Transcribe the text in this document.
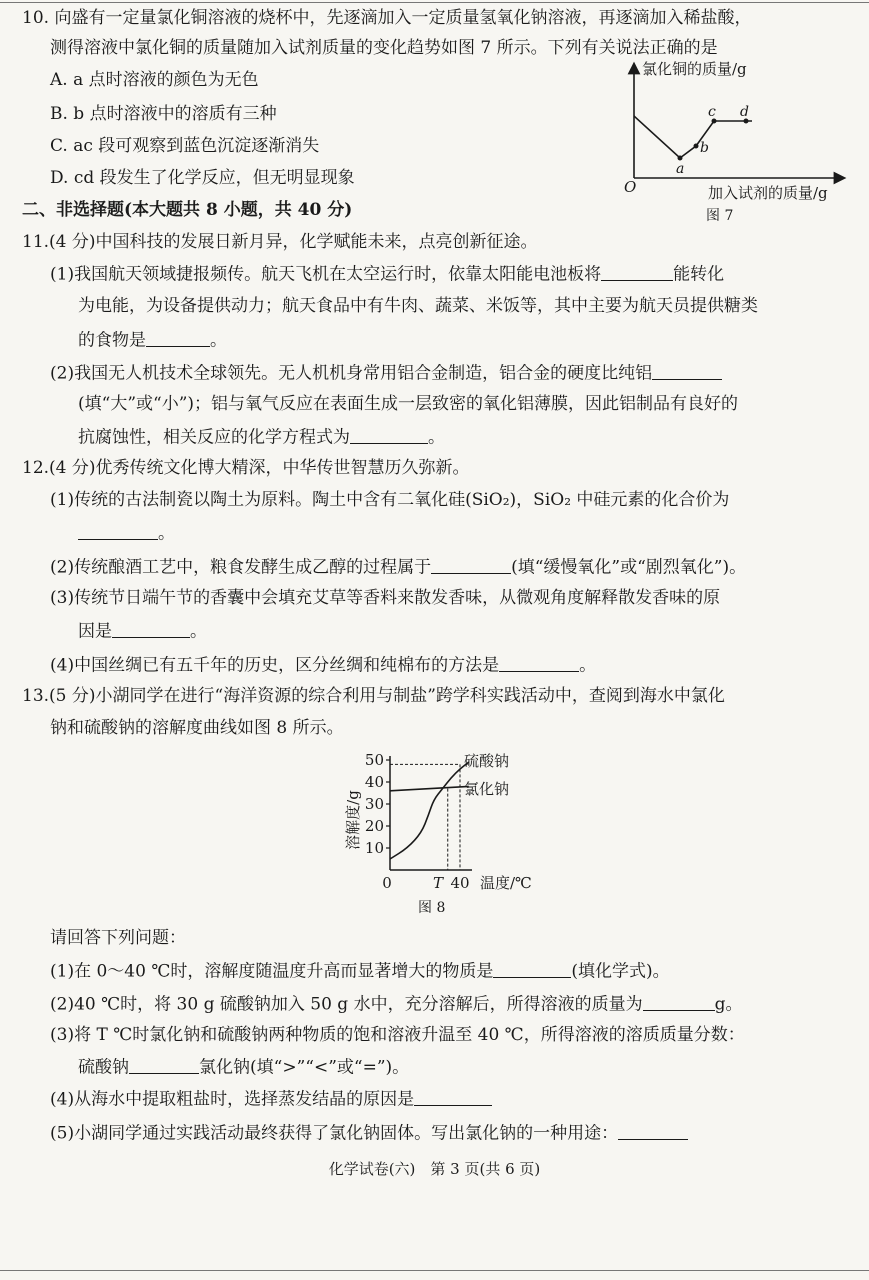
10. 向盛有一定量氯化铜溶液的烧杯中，先逐滴加入一定质量氢氧化钠溶液，再逐滴加入稀盐酸，
测得溶液中氯化铜的质量随加入试剂质量的变化趋势如图 7 所示。下列有关说法正确的是
A. a 点时溶液的颜色为无色
B. b 点时溶液中的溶质有三种
C. ac 段可观察到蓝色沉淀逐渐消失
D. cd 段发生了化学反应，但无明显现象
氯化铜的质量/g
O
a
b
c d
加入试剂的质量/g
图 7
二、非选择题(本大题共 8 小题，共 40 分)
11.(4 分)中国科技的发展日新月异，化学赋能未来，点亮创新征途。
(1)我国航天领域捷报频传。航天飞机在太空运行时，依靠太阳能电池板将	能转化
为电能，为设备提供动力；航天食品中有牛肉、蔬菜、米饭等，其中主要为航天员提供糖类
的食物是	。
(2)我国无人机技术全球领先。无人机机身常用铝合金制造，铝合金的硬度比纯铝
(填“大”或“小”)；铝与氧气反应在表面生成一层致密的氧化铝薄膜，因此铝制品有良好的
抗腐蚀性，相关反应的化学方程式为	。
12.(4 分)优秀传统文化博大精深，中华传世智慧历久弥新。
(1)传统的古法制瓷以陶土为原料。陶土中含有二氧化硅(SiO₂)，SiO₂ 中硅元素的化合价为
。
(2)传统酿酒工艺中，粮食发酵生成乙醇的过程属于	(填“缓慢氧化”或“剧烈氧化”)。
(3)传统节日端午节的香囊中会填充艾草等香料来散发香味，从微观角度解释散发香味的原
因是	。
(4)中国丝绸已有五千年的历史，区分丝绸和纯棉布的方法是	。
13.(5 分)小湖同学在进行“海洋资源的综合利用与制盐”跨学科实践活动中，查阅到海水中氯化
钠和硫酸钠的溶解度曲线如图 8 所示。
溶解度/g 10
20
30
40
50
0	T 40 温度/℃
硫酸钠
氯化钠
图 8
请回答下列问题：
(1)在 0～40 ℃时，溶解度随温度升高而显著增大的物质是	(填化学式)。
(2)40 ℃时，将 30 g 硫酸钠加入 50 g 水中，充分溶解后，所得溶液的质量为	g。
(3)将 T ℃时氯化钠和硫酸钠两种物质的饱和溶液升温至 40 ℃，所得溶液的溶质质量分数：
硫酸钠	氯化钠(填“>”“<”或“=”)。
(4)从海水中提取粗盐时，选择蒸发结晶的原因是
(5)小湖同学通过实践活动最终获得了氯化钠固体。写出氯化钠的一种用途：
化学试卷(六)　第 3 页(共 6 页)
